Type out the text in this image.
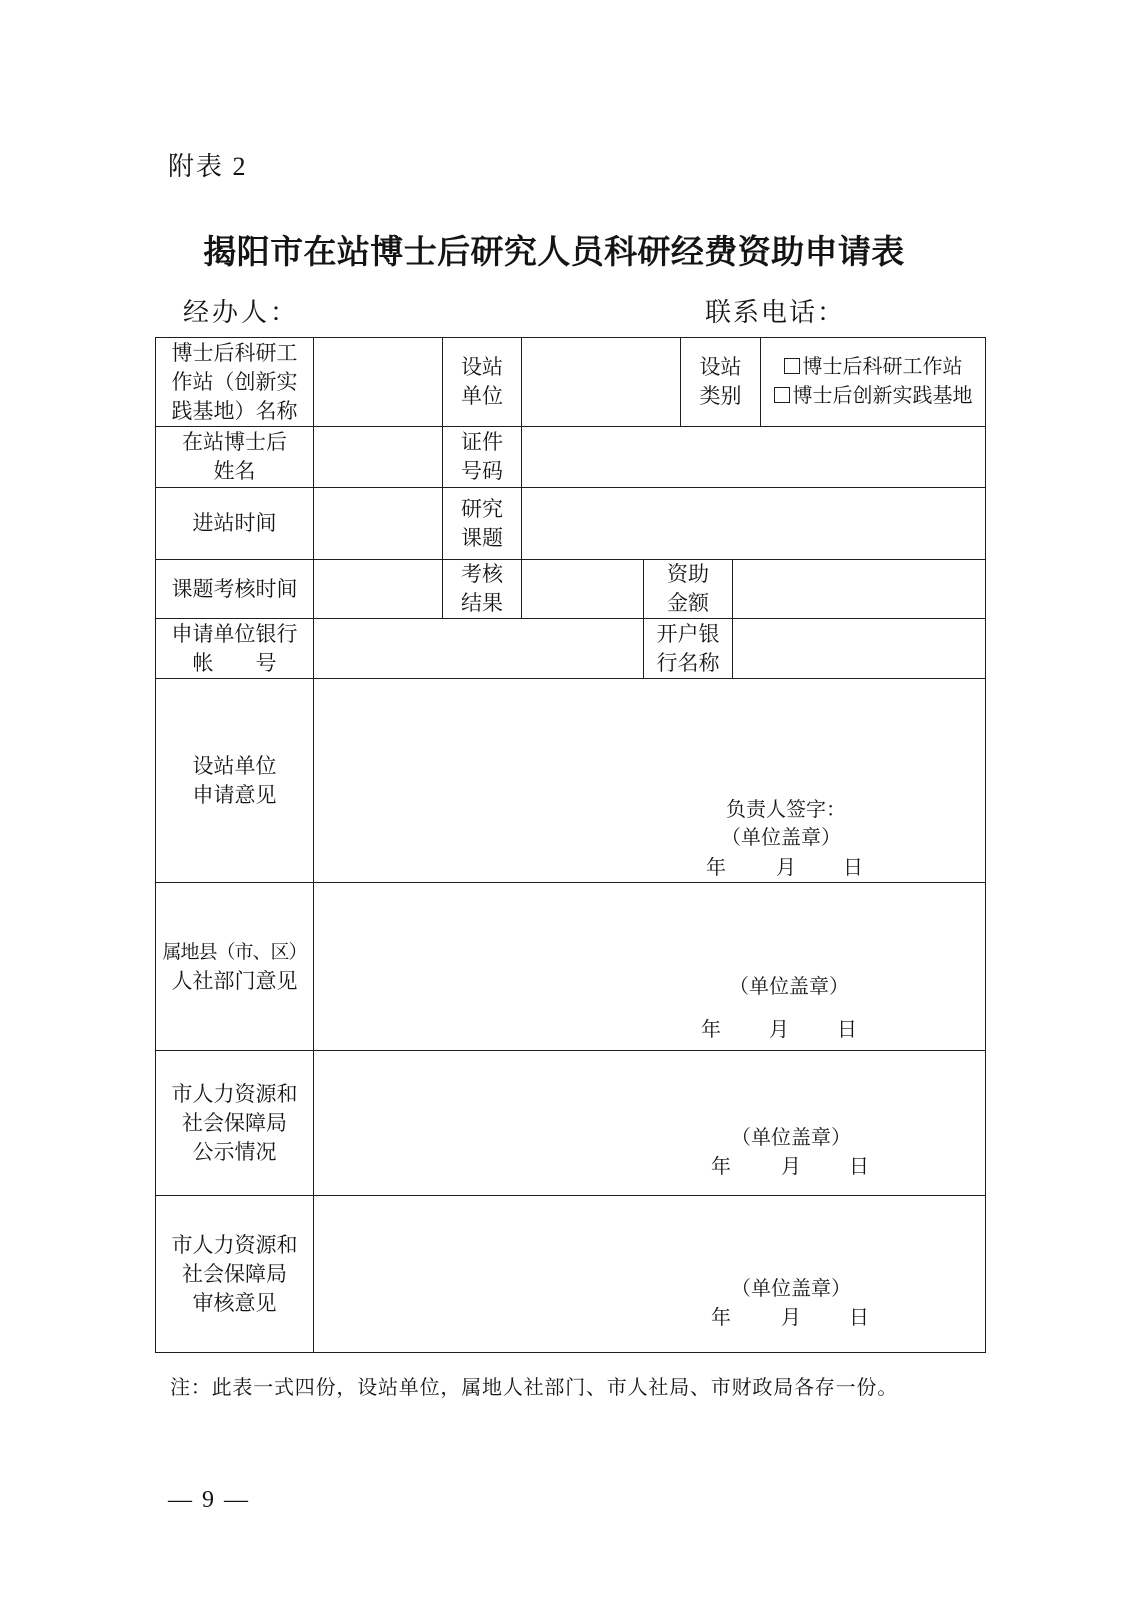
附表 2
揭阳市在站博士后研究人员科研经费资助申请表
经办人：	联系电话：
博士后科研工
作站（创新实
践基地）名称		设站
单位			设站
类别		博士后科研工作站
博士后创新实践基地

在站博士后
姓名		证件
号码					

进站时间		研究
课题					

课题考核时间		考核
结果		资助
金额			

申请单位银行
帐　　号				开户银
行名称			

设站单位
申请意见	负责人签字：
（单位盖章）
年 月 日						

属地县（市、区）
人社部门意见	（单位盖章）
年 月 日						

市人力资源和
社会保障局
公示情况	（单位盖章）
年 月 日						

市人力资源和
社会保障局
审核意见	（单位盖章）
年 月 日						
注：此表一式四份，设站单位，属地人社部门、市人社局、市财政局各存一份。
— 9 —
